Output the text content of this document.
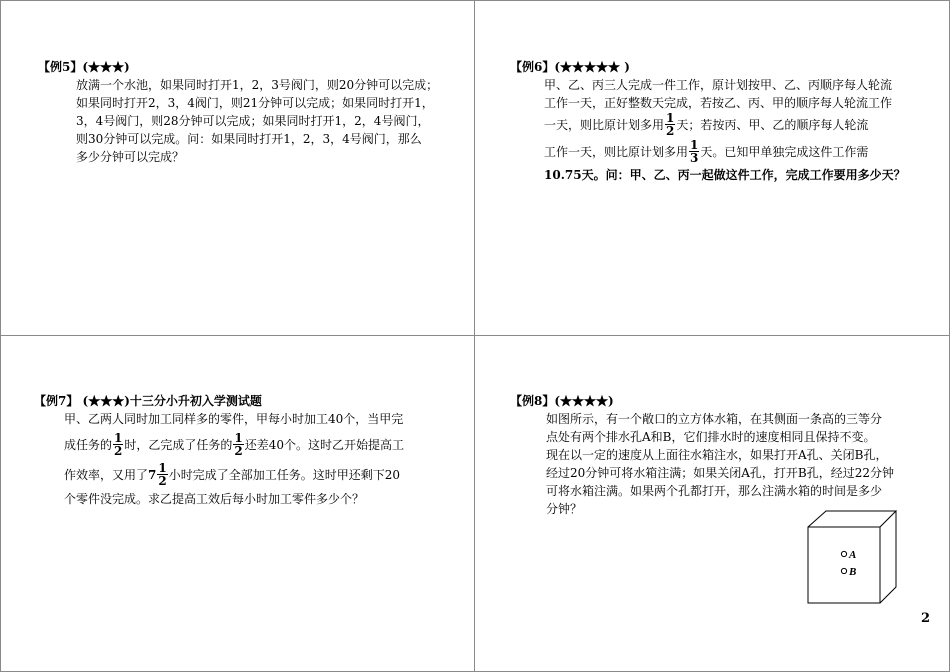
【例5】(★★★)
放满一个水池，如果同时打开1，2，3号阀门，则20分钟可以完成；
如果同时打开2，3，4阀门，则21分钟可以完成；如果同时打开1，
3，4号阀门，则28分钟可以完成；如果同时打开1，2，4号阀门，
则30分钟可以完成。问：如果同时打开1，2，3，4号阀门，那么
多少分钟可以完成？
【例6】(★★★★★ )
甲、乙、丙三人完成一件工作，原计划按甲、乙、丙顺序每人轮流
工作一天，正好整数天完成，若按乙、丙、甲的顺序每人轮流工作
一天，则比原计划多用 $\frac{1}{2}$ 天；若按丙、甲、乙的顺序每人轮流
工作一天，则比原计划多用 $\frac{1}{3}$ 天。已知甲单独完成这件工作需
10.75天。问：甲、乙、丙一起做这件工作，完成工作要用多少天？
【例7】 (★★★)十三分小升初入学测试题
甲、乙两人同时加工同样多的零件，甲每小时加工40个，当甲完
成任务的 $\frac{1}{2}$ 时，乙完成了任务的 $\frac{1}{2}$ 还差40个。这时乙开始提高工
作效率，又用了$7 \frac{1}{2}$ 小时完成了全部加工任务。这时甲还剩下20
个零件没完成。求乙提高工效后每小时加工零件多少个？
【例8】(★★★★)
如图所示，有一个敞口的立方体水箱，在其侧面一条高的三等分
点处有两个排水孔A和B，它们排水时的速度相同且保持不变。
现在以一定的速度从上面往水箱注水，如果打开A孔、关闭B孔，
经过20分钟可将水箱注满；如果关闭A孔，打开B孔，经过22分钟
可将水箱注满。如果两个孔都打开，那么注满水箱的时间是多少
分钟？
A
B
2
